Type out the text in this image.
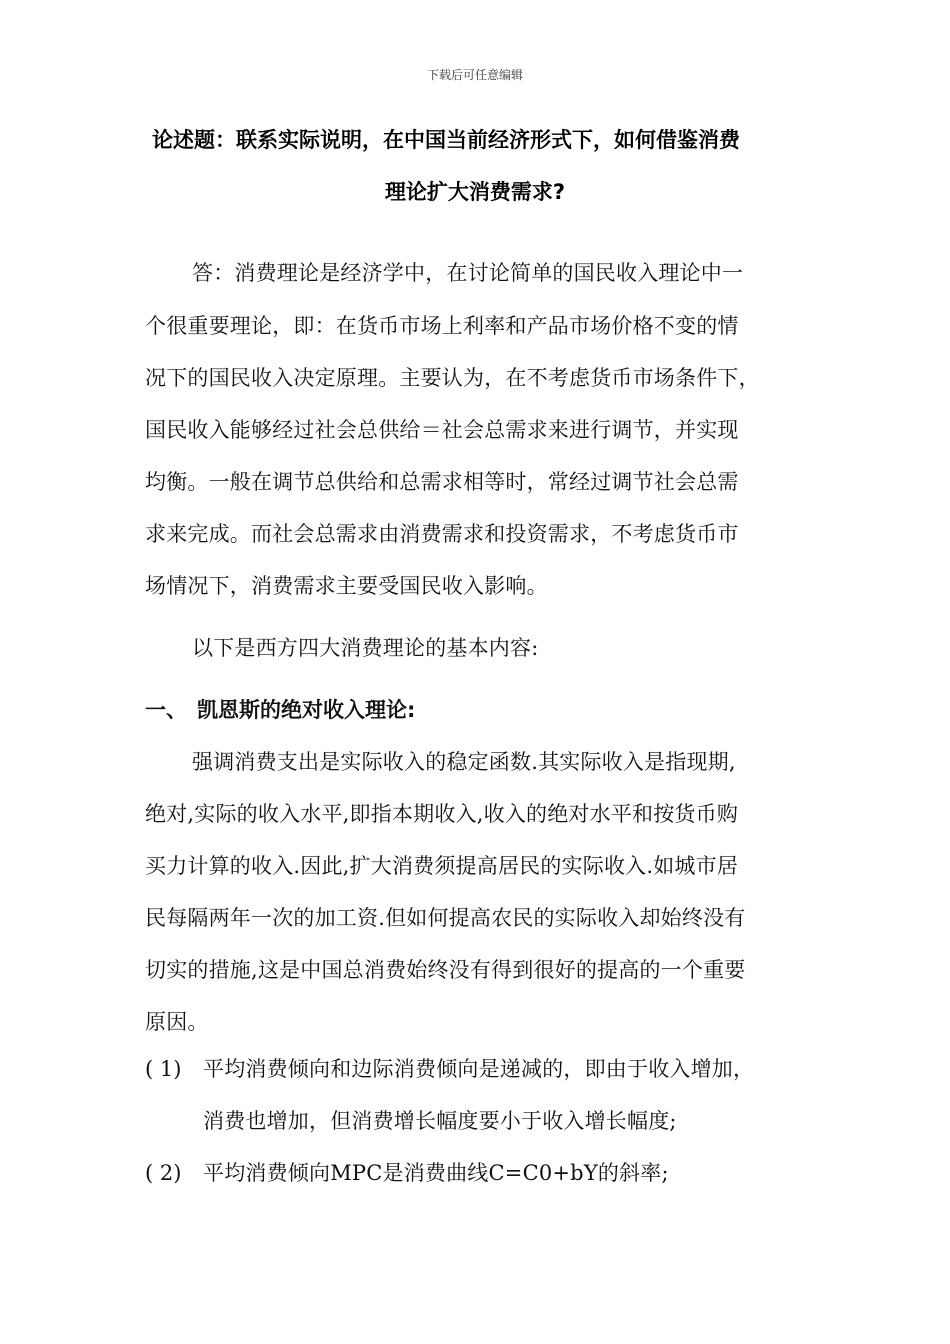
下载后可任意编辑
论述题：联系实际说明，在中国当前经济形式下，如何借鉴消费
理论扩大消费需求?
答：消费理论是经济学中，在讨论简单的国民收入理论中一
个很重要理论，即：在货币市场上利率和产品市场价格不变的情
况下的国民收入决定原理。主要认为，在不考虑货币市场条件下，
国民收入能够经过社会总供给＝社会总需求来进行调节，并实现
均衡。一般在调节总供给和总需求相等时，常经过调节社会总需
求来完成。而社会总需求由消费需求和投资需求，不考虑货币市
场情况下，消费需求主要受国民收入影响。
以下是西方四大消费理论的基本内容:
一、 凯恩斯的绝对收入理论:
强调消费支出是实际收入的稳定函数.其实际收入是指现期,
绝对,实际的收入水平,即指本期收入,收入的绝对水平和按货币购
买力计算的收入.因此,扩大消费须提高居民的实际收入.如城市居
民每隔两年一次的加工资.但如何提高农民的实际收入却始终没有
切实的措施,这是中国总消费始终没有得到很好的提高的一个重要
原因。
( 1) 平均消费倾向和边际消费倾向是递减的，即由于收入增加，
消费也增加，但消费增长幅度要小于收入增长幅度;
( 2) 平均消费倾向MPC是消费曲线C=C0+bY的斜率;
